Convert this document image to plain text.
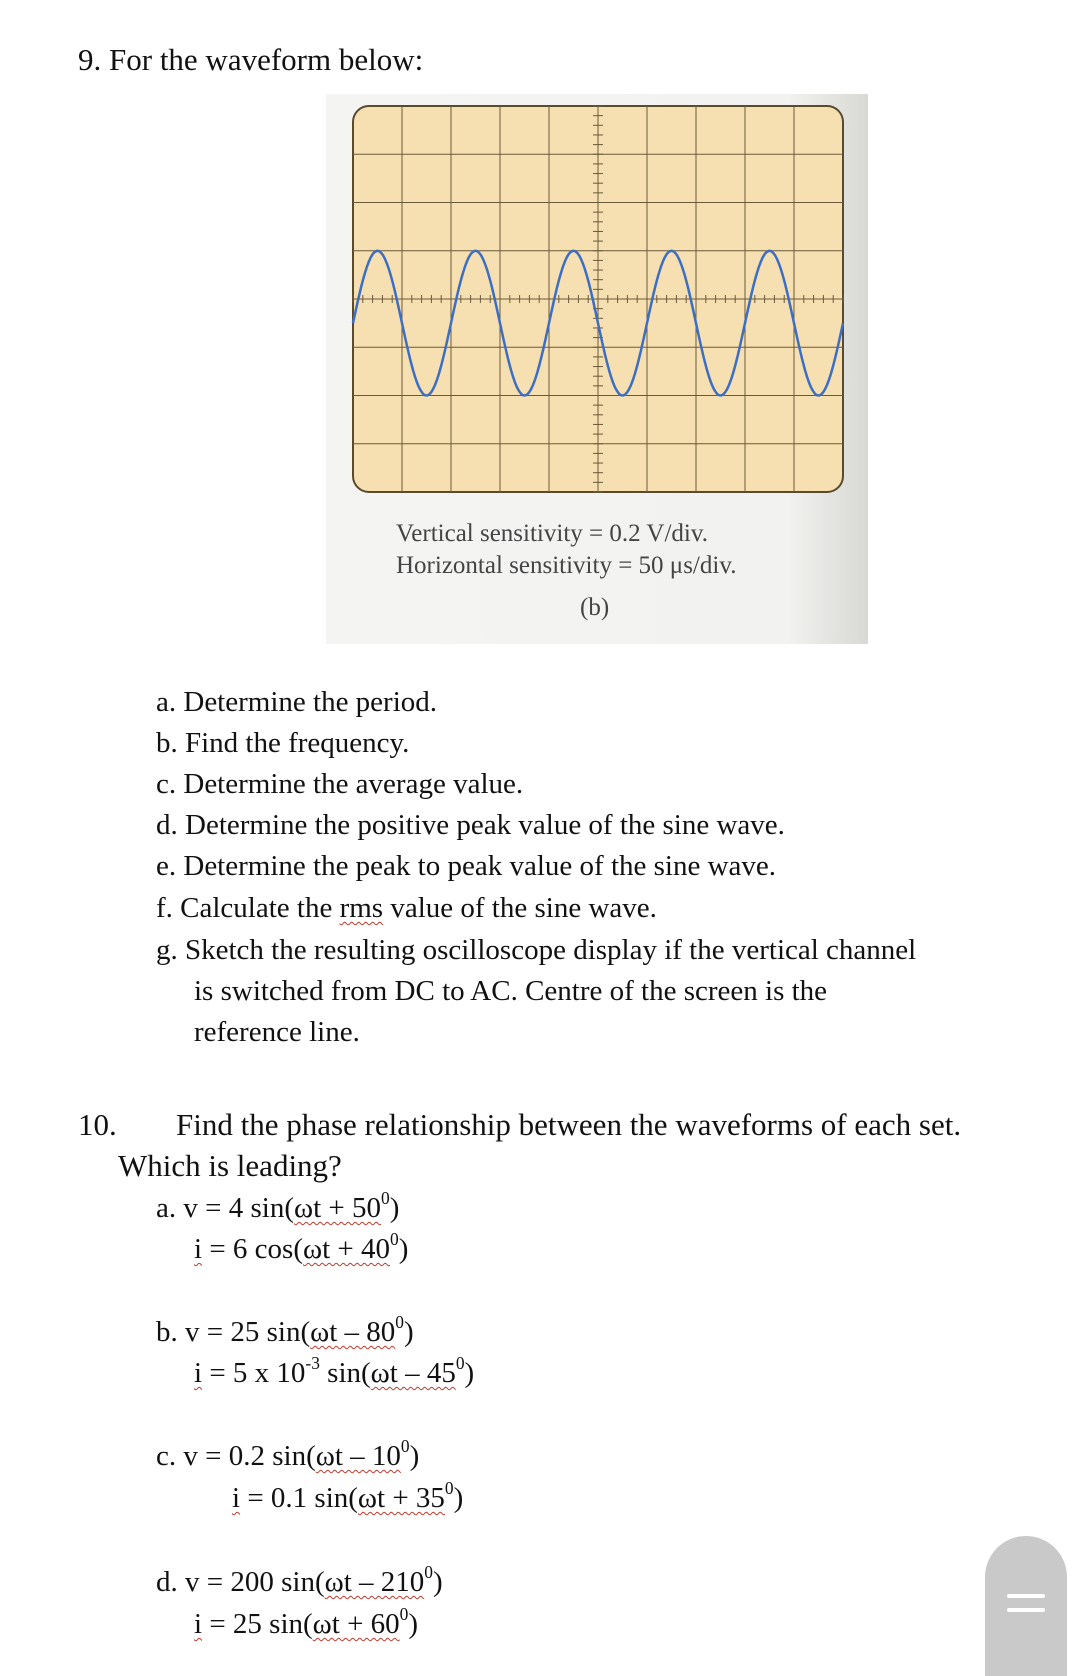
9. For the waveform below:
Vertical sensitivity = 0.2 V/div.
Horizontal sensitivity = 50 μs/div.
(b)
a. Determine the period.
b. Find the frequency.
c. Determine the average value.
d. Determine the positive peak value of the sine wave.
e. Determine the peak to peak value of the sine wave.
f. Calculate the rms value of the sine wave.
g. Sketch the resulting oscilloscope display if the vertical channel
is switched from DC to AC. Centre of the screen is the
reference line.
10. Find the phase relationship between the waveforms of each set.
Which is leading?
a. v = 4 $\sin(\omega t + 50^0)$
i = 6 $\cos(\omega t + 40^0)$
b. v = 25 $\sin(\omega t - 80^0)$
i = 5 x $10^{-3}$ $\sin(\omega t - 45^0)$
c. v = 0.2 $\sin(\omega t - 10^0)$
i = 0.1 $\sin(\omega t + 35^0)$
d. v = 200 $\sin(\omega t - 210^0)$
i = 25 $\sin(\omega t + 60^0)$
